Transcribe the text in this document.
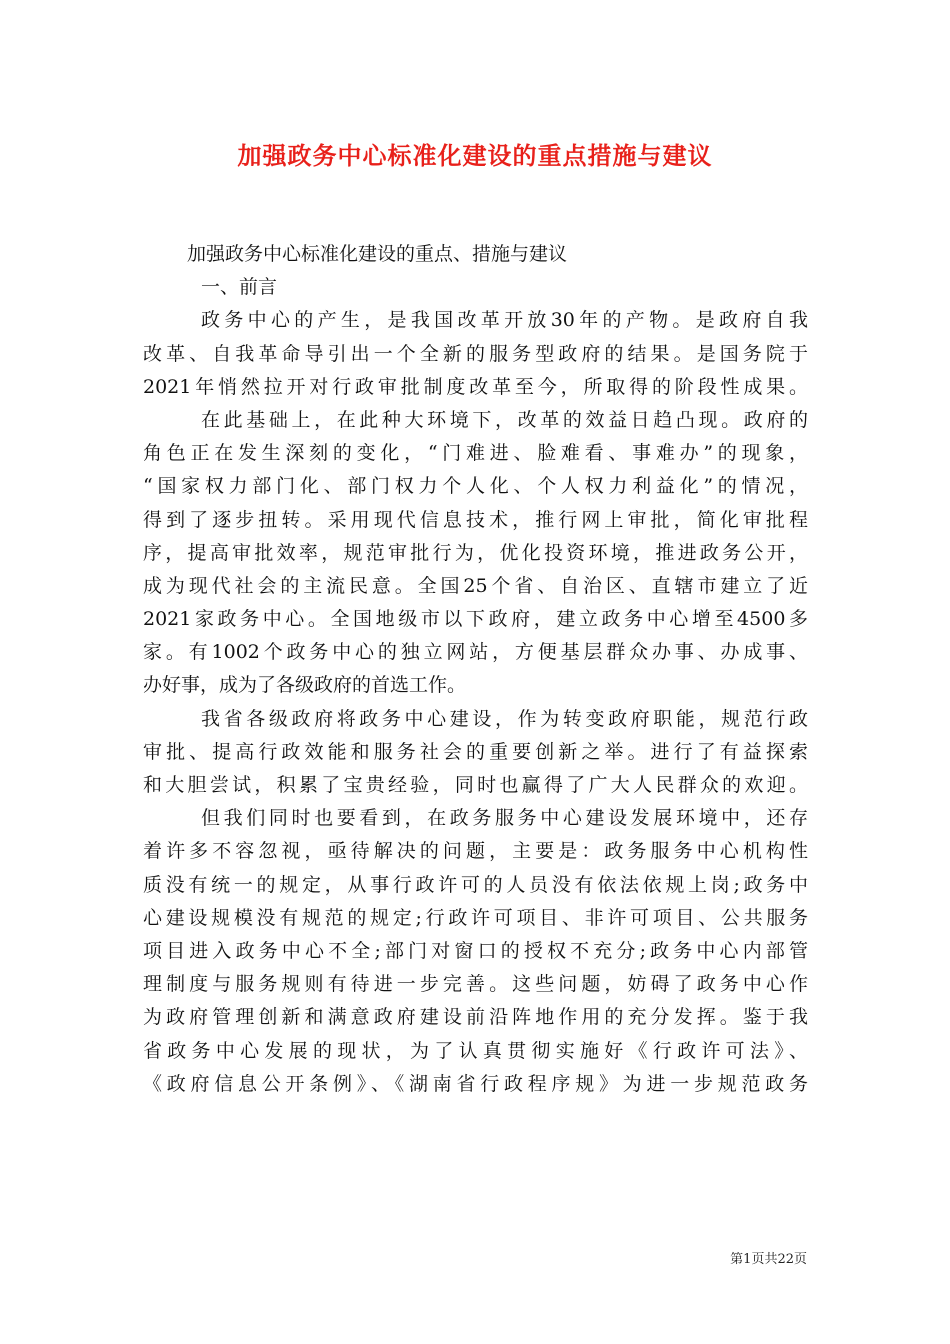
加强政务中心标准化建设的重点措施与建议
加强政务中心标准化建设的重点、措施与建议
一、前言
政务中心的产生，是我国改革开放30年的产物。是政府自我
改革、自我革命导引出一个全新的服务型政府的结果。是国务院于
2021年悄然拉开对行政审批制度改革至今，所取得的阶段性成果。
在此基础上，在此种大环境下，改革的效益日趋凸现。政府的
角色正在发生深刻的变化，“门难进、脸难看、事难办”的现象，
“国家权力部门化、部门权力个人化、个人权力利益化”的情况，
得到了逐步扭转。采用现代信息技术，推行网上审批，简化审批程
序，提高审批效率，规范审批行为，优化投资环境，推进政务公开，
成为现代社会的主流民意。全国25个省、自治区、直辖市建立了近
2021家政务中心。全国地级市以下政府，建立政务中心增至4500多
家。有1002个政务中心的独立网站，方便基层群众办事、办成事、
办好事，成为了各级政府的首选工作。
我省各级政府将政务中心建设，作为转变政府职能，规范行政
审批、提高行政效能和服务社会的重要创新之举。进行了有益探索
和大胆尝试，积累了宝贵经验，同时也赢得了广大人民群众的欢迎。
但我们同时也要看到，在政务服务中心建设发展环境中，还存
着许多不容忽视，亟待解决的问题，主要是：政务服务中心机构性
质没有统一的规定，从事行政许可的人员没有依法依规上岗;政务中
心建设规模没有规范的规定;行政许可项目、非许可项目、公共服务
项目进入政务中心不全;部门对窗口的授权不充分;政务中心内部管
理制度与服务规则有待进一步完善。这些问题，妨碍了政务中心作
为政府管理创新和满意政府建设前沿阵地作用的充分发挥。鉴于我
省政务中心发展的现状，为了认真贯彻实施好《行政许可法》、
《政府信息公开条例》、《湖南省行政程序规》为进一步规范政务
第1页共22页
